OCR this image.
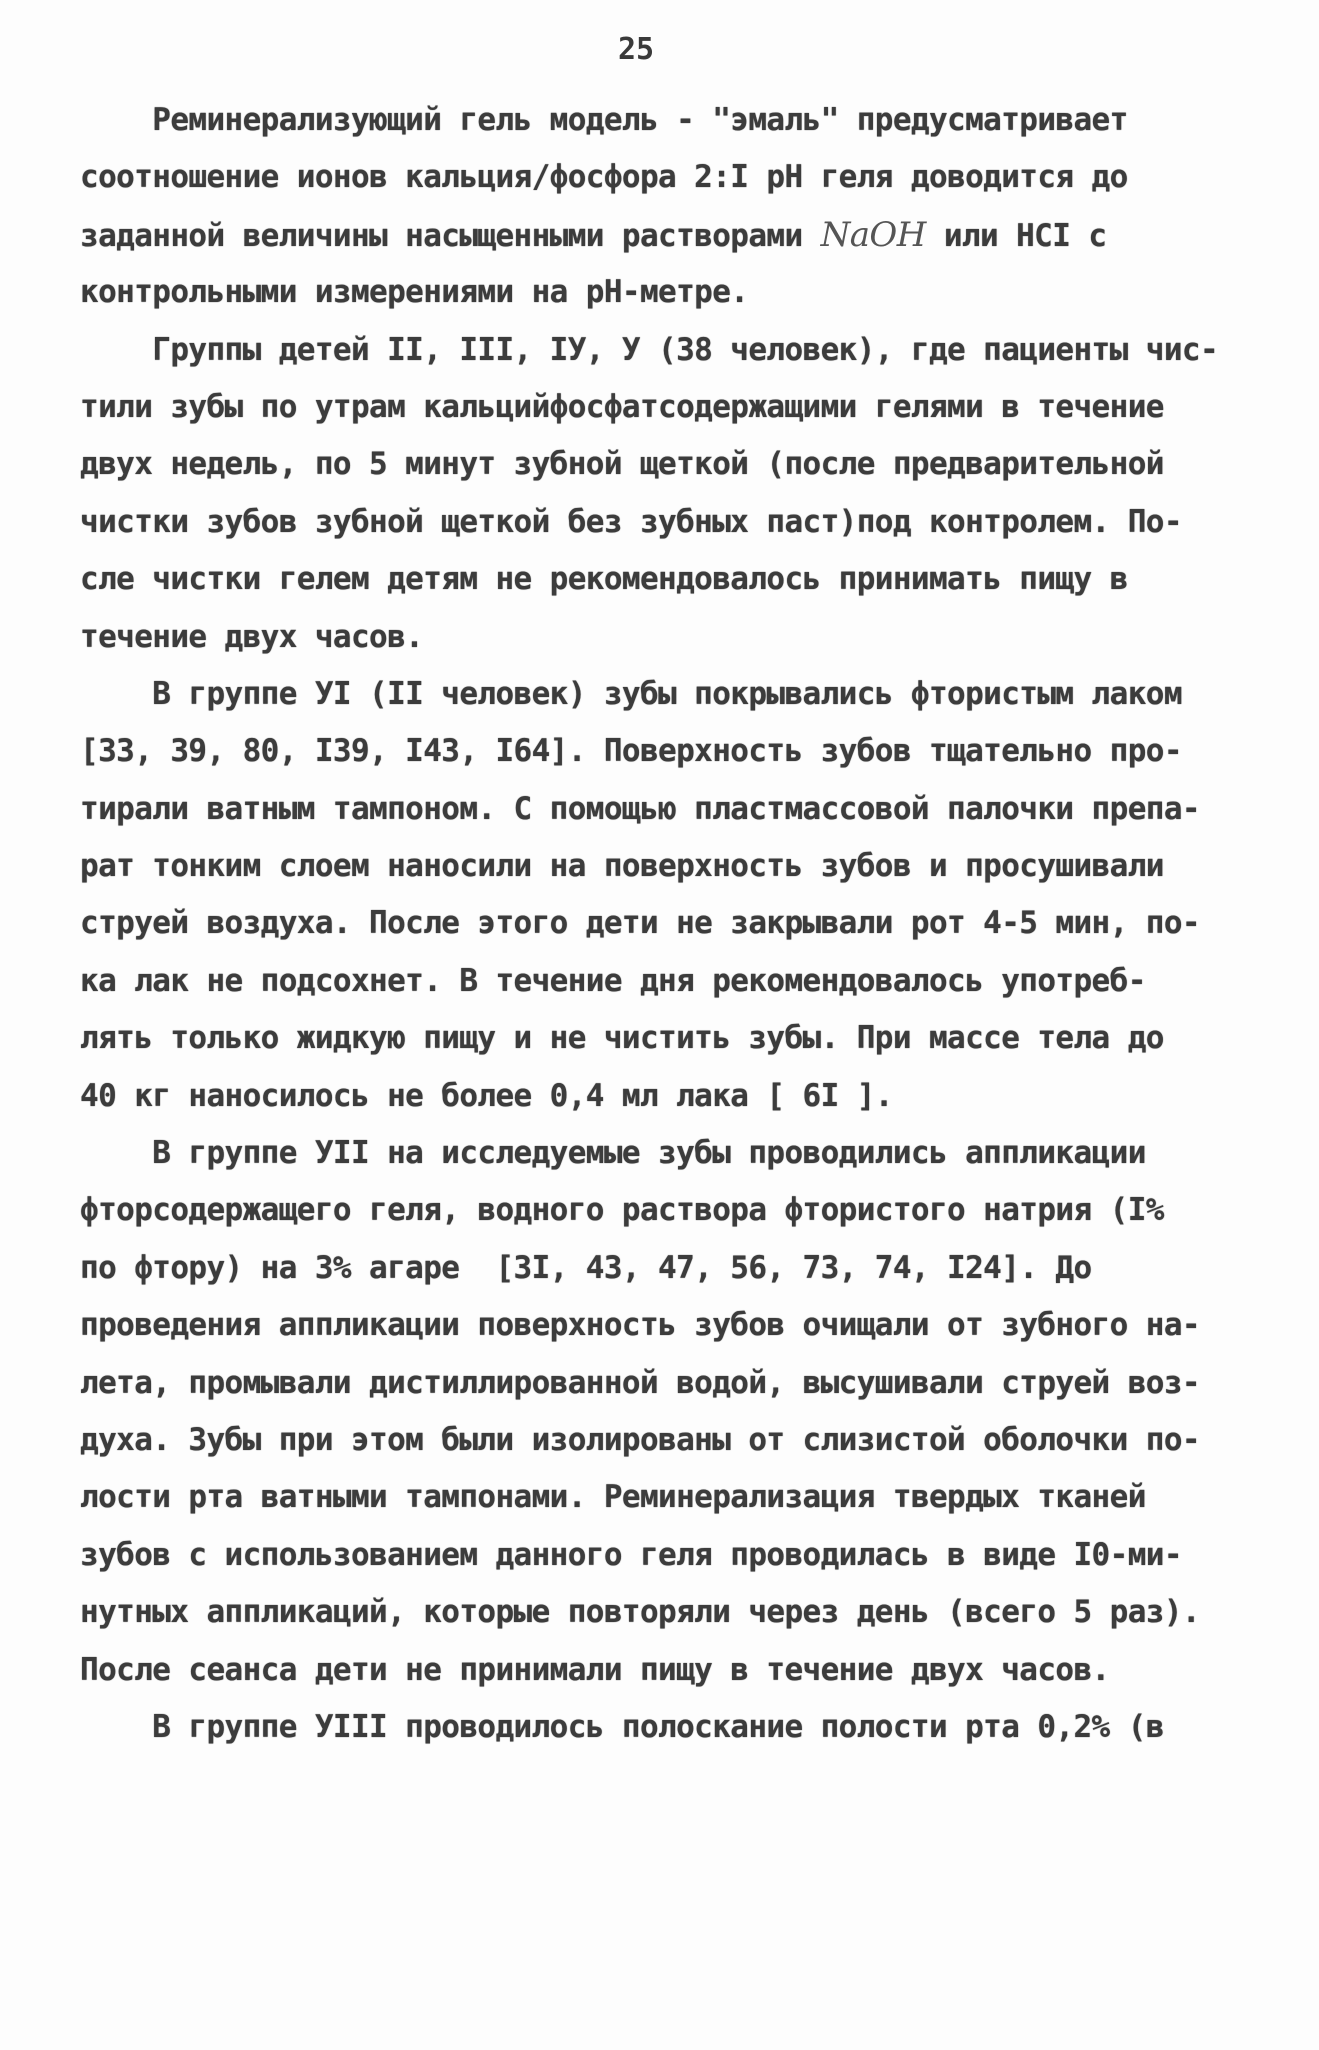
25
Реминерализующий гель модель - "эмаль" предусматривает
соотношение ионов кальция/фосфора 2:I pH геля доводится до
заданной величины насыщенными растворами NaOH или HCI с
контрольными измерениями на pH-метре.
Группы детей II, III, IУ, У (38 человек), где пациенты чис-
тили зубы по утрам кальцийфосфатсодержащими гелями в течение
двух недель, по 5 минут зубной щеткой (после предварительной
чистки зубов зубной щеткой без зубных паст)под контролем. По-
сле чистки гелем детям не рекомендовалось принимать пищу в
течение двух часов.
В группе УI (II человек) зубы покрывались фтористым лаком
[33, 39, 80, I39, I43, I64]. Поверхность зубов тщательно про-
тирали ватным тампоном. С помощью пластмассовой палочки препа-
рат тонким слоем наносили на поверхность зубов и просушивали
струей воздуха. После этого дети не закрывали рот 4-5 мин, по-
ка лак не подсохнет. В течение дня рекомендовалось употреб-
лять только жидкую пищу и не чистить зубы. При массе тела до
40 кг наносилось не более 0,4 мл лака [ 6I ].
В группе УII на исследуемые зубы проводились аппликации
фторсодержащего геля, водного раствора фтористого натрия (I%
по фтору) на 3% агаре  [3I, 43, 47, 56, 73, 74, I24]. До
проведения аппликации поверхность зубов очищали от зубного на-
лета, промывали дистиллированной водой, высушивали струей воз-
духа. Зубы при этом были изолированы от слизистой оболочки по-
лости рта ватными тампонами. Реминерализация твердых тканей
зубов с использованием данного геля проводилась в виде I0-ми-
нутных аппликаций, которые повторяли через день (всего 5 раз).
После сеанса дети не принимали пищу в течение двух часов.
В группе УIII проводилось полоскание полости рта 0,2% (в
